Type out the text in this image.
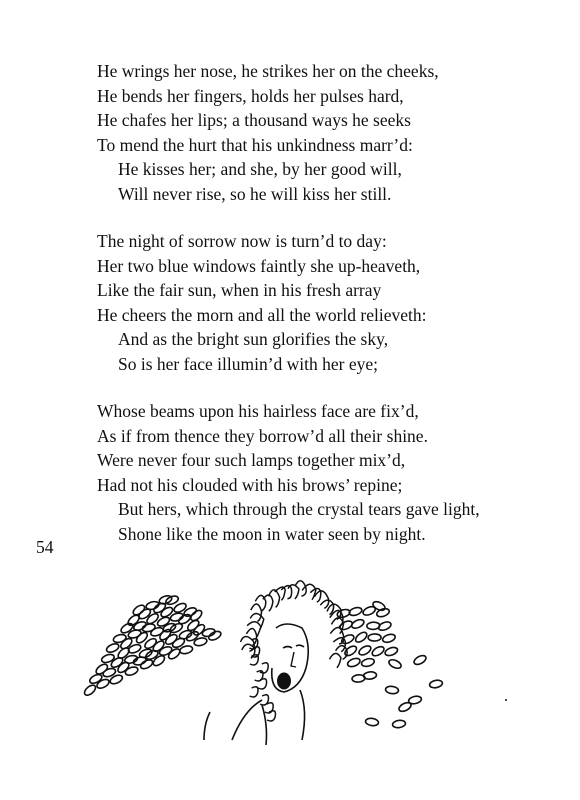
He wrings her nose, he strikes her on the cheeks,
He bends her fingers, holds her pulses hard,
He chafes her lips; a thousand ways he seeks
To mend the hurt that his unkindness marr’d:
He kisses her; and she, by her good will,
Will never rise, so he will kiss her still.
The night of sorrow now is turn’d to day:
Her two blue windows faintly she up-heaveth,
Like the fair sun, when in his fresh array
He cheers the morn and all the world relieveth:
And as the bright sun glorifies the sky,
So is her face illumin’d with her eye;
Whose beams upon his hairless face are fix’d,
As if from thence they borrow’d all their shine.
Were never four such lamps together mix’d,
Had not his clouded with his brows’ repine;
But hers, which through the crystal tears gave light,
Shone like the moon in water seen by night.
54
